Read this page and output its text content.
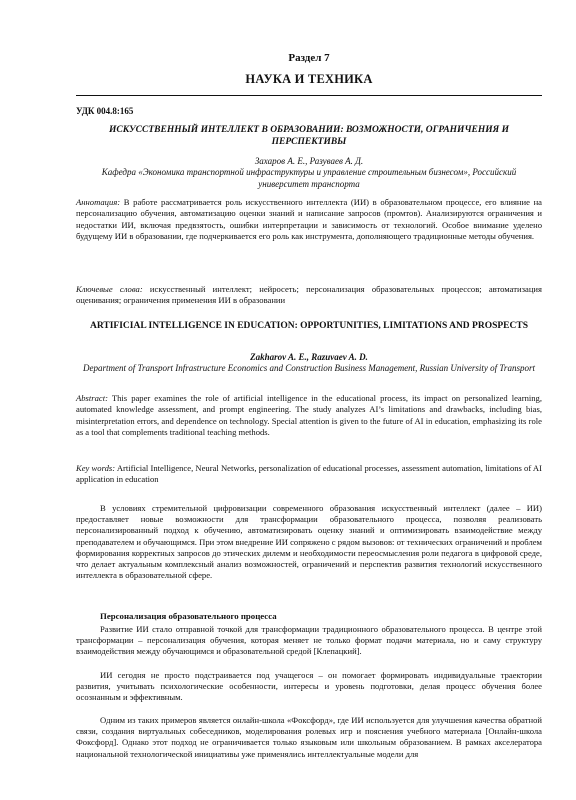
Раздел 7

НАУКА И ТЕХНИКА

УДК 004.8:165

ИСКУССТВЕННЫЙ ИНТЕЛЛЕКТ В ОБРАЗОВАНИИ: ВОЗМОЖНОСТИ, ОГРАНИЧЕНИЯ И ПЕРСПЕКТИВЫ

Захаров А. Е., Разуваев А. Д.

Кафедра «Экономика транспортной инфраструктуры и управление строительным бизнесом», Российский университет транспорта

Аннотация: В работе рассматривается роль искусственного интеллекта (ИИ) в образовательном процессе, его влияние на персонализацию обучения, автоматизацию оценки знаний и написание запросов (промтов). Анализируются ограничения и недостатки ИИ, включая предвзятость, ошибки интерпретации и зависимость от технологий. Особое внимание уделено будущему ИИ в образовании, где подчеркивается его роль как инструмента, дополняющего традиционные методы обучения.

Ключевые слова: искусственный интеллект; нейросеть; персонализация образовательных процессов; автоматизация оценивания; ограничения применения ИИ в образовании

ARTIFICIAL INTELLIGENCE IN EDUCATION: OPPORTUNITIES, LIMITATIONS AND PROSPECTS

Zakharov A. E., Razuvaev A. D.

Department of Transport Infrastructure Economics and Construction Business Management, Russian University of Transport

Abstract: This paper examines the role of artificial intelligence in the educational process, its impact on personalized learning, automated knowledge assessment, and prompt engineering. The study analyzes AI’s limitations and drawbacks, including bias, misinterpretation errors, and dependence on technology. Special attention is given to the future of AI in education, emphasizing its role as a tool that complements traditional teaching methods.

Key words: Artificial Intelligence, Neural Networks, personalization of educational processes, assessment automation, limitations of AI application in education

В условиях стремительной цифровизации современного образования искусственный интеллект (далее – ИИ) предоставляет новые возможности для трансформации образовательного процесса, позволяя реализовать персонализированный подход к обучению, автоматизировать оценку знаний и оптимизировать взаимодействие между преподавателем и обучающимся. При этом внедрение ИИ сопряжено с рядом вызовов: от технических ограничений и проблем формирования корректных запросов до этических дилемм и необходимости переосмысления роли педагога в цифровой среде, что делает актуальным комплексный анализ возможностей, ограничений и перспектив развития технологий искусственного интеллекта в образовательной сфере.

Персонализация образовательного процесса

Развитие ИИ стало отправной точкой для трансформации традиционного образовательного процесса. В центре этой трансформации – персонализация обучения, которая меняет не только формат подачи материала, но и саму структуру взаимодействия между обучающимся и образовательной средой [Клепацкий].

ИИ сегодня не просто подстраивается под учащегося – он помогает формировать индивидуальные траектории развития, учитывать психологические особенности, интересы и уровень подготовки, делая процесс обучения более осознанным и эффективным.

Одним из таких примеров является онлайн-школа «Фоксфорд», где ИИ используется для улучшения качества обратной связи, создания виртуальных собеседников, моделирования ролевых игр и пояснения учебного материала [Онлайн-школа Фоксфорд]. Однако этот подход не ограничивается только языковым или школьным образованием. В рамках акселератора национальной технологической инициативы уже применялись интеллектуальные модели для
